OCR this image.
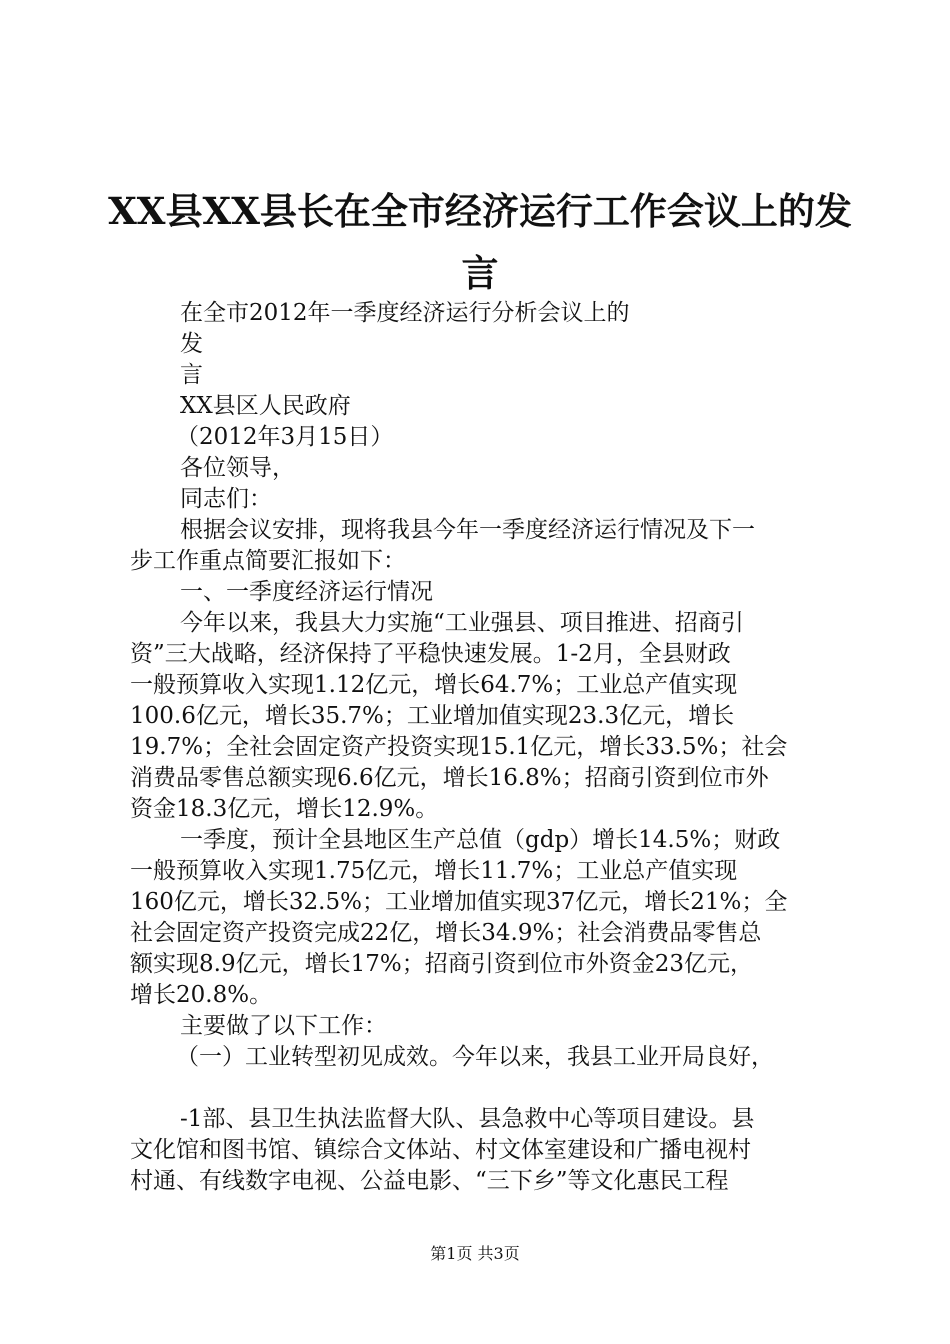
XX县XX县长在全市经济运行工作会议上的发
言
在全市2012年一季度经济运行分析会议上的
发
言
XX县区人民政府
（2012年3月15日）
各位领导，
同志们：
根据会议安排，现将我县今年一季度经济运行情况及下一
步工作重点简要汇报如下：
一、一季度经济运行情况
今年以来，我县大力实施“工业强县、项目推进、招商引
资”三大战略，经济保持了平稳快速发展。1-2月，全县财政
一般预算收入实现1.12亿元，增长64.7%；工业总产值实现
100.6亿元，增长35.7%；工业增加值实现23.3亿元，增长
19.7%；全社会固定资产投资实现15.1亿元，增长33.5%；社会
消费品零售总额实现6.6亿元，增长16.8%；招商引资到位市外
资金18.3亿元，增长12.9%。
一季度，预计全县地区生产总值（gdp）增长14.5%；财政
一般预算收入实现1.75亿元，增长11.7%；工业总产值实现
160亿元，增长32.5%；工业增加值实现37亿元，增长21%；全
社会固定资产投资完成22亿，增长34.9%；社会消费品零售总
额实现8.9亿元，增长17%；招商引资到位市外资金23亿元，
增长20.8%。
主要做了以下工作：
（一）工业转型初见成效。今年以来，我县工业开局良好，
-1部、县卫生执法监督大队、县急救中心等项目建设。县
文化馆和图书馆、镇综合文体站、村文体室建设和广播电视村
村通、有线数字电视、公益电影、“三下乡”等文化惠民工程
第1页 共3页
